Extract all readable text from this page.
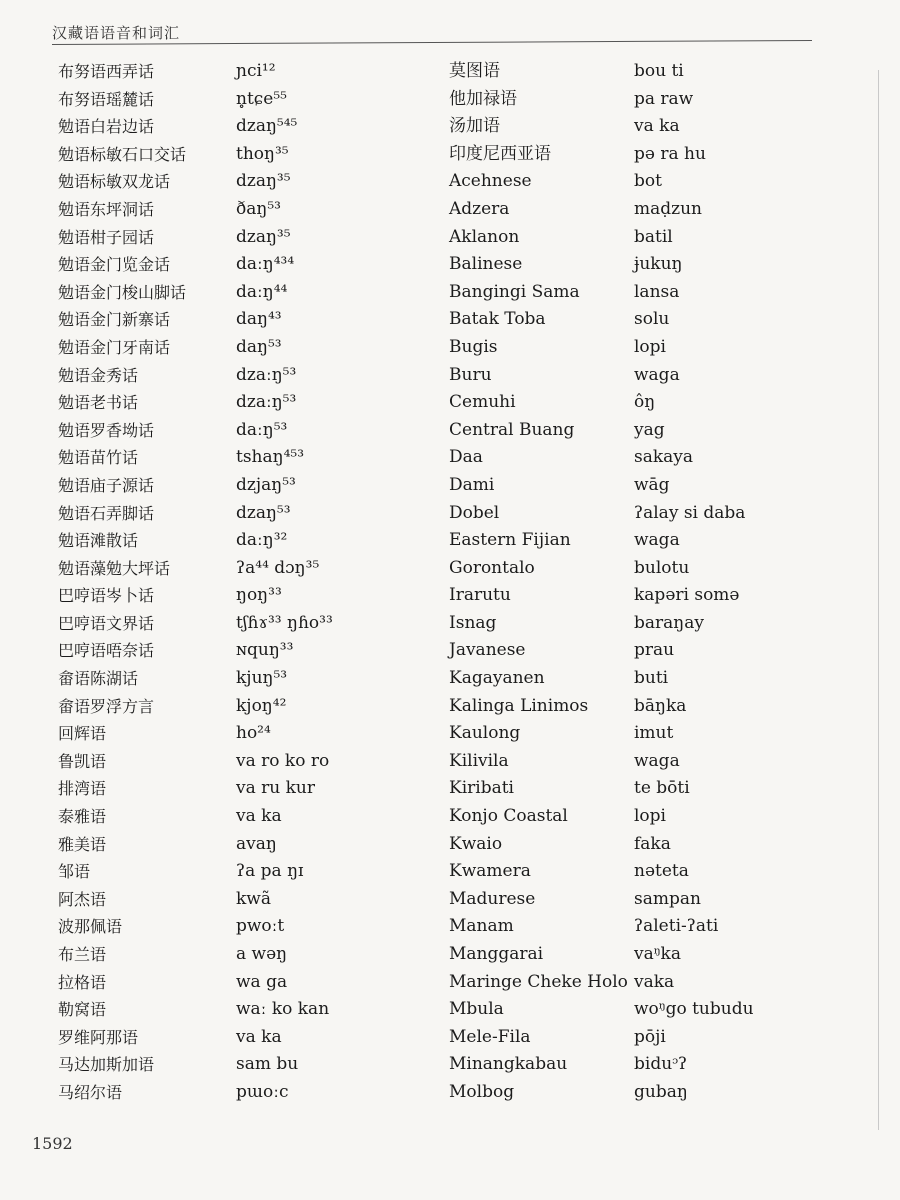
汉藏语语音和词汇
布努语西弄话
布努语瑶麓话
勉语白岩边话
勉语标敏石口交话
勉语标敏双龙话
勉语东坪洞话
勉语柑子园话
勉语金门览金话
勉语金门梭山脚话
勉语金门新寨话
勉语金门牙南话
勉语金秀话
勉语老书话
勉语罗香坳话
勉语苗竹话
勉语庙子源话
勉语石弄脚话
勉语滩散话
勉语藻勉大坪话
巴哼语岑卜话
巴哼语文界话
巴哼语唔奈话
畲语陈湖话
畲语罗浮方言
回辉语
鲁凯语
排湾语
泰雅语
雅美语
邹语
阿杰语
波那佩语
布兰语
拉格语
勒窝语
罗维阿那语
马达加斯加语
马绍尔语
ɲci¹²
n̥tɕe⁵⁵
dzaŋ⁵⁴⁵
thoŋ³⁵
dzaŋ³⁵
ðaŋ⁵³
dzaŋ³⁵
daːŋ⁴³⁴
daːŋ⁴⁴
daŋ⁴³
daŋ⁵³
dzaːŋ⁵³
dzaːŋ⁵³
daːŋ⁵³
tshaŋ⁴⁵³
dzjaŋ⁵³
dzaŋ⁵³
daːŋ³²
ʔa⁴⁴ dɔŋ³⁵
ŋoŋ³³
tʃɦɤ³³ ŋɦo³³
ɴquŋ³³
kjuŋ⁵³
kjoŋ⁴²
ho²⁴
va ro ko ro
va ru kur
va ka
avaŋ
ʔa pa ŋɪ
kwã
pwoːt
a wəŋ
wa ga
waː ko kan
va ka
sam bu
pɯoːc
莫图语
他加禄语
汤加语
印度尼西亚语
Acehnese
Adzera
Aklanon
Balinese
Bangingi Sama
Batak Toba
Bugis
Buru
Cemuhi
Central Buang
Daa
Dami
Dobel
Eastern Fijian
Gorontalo
Irarutu
Isnag
Javanese
Kagayanen
Kalinga Linimos
Kaulong
Kilivila
Kiribati
Konjo Coastal
Kwaio
Kwamera
Madurese
Manam
Manggarai
Maringe Cheke Holo
Mbula
Mele-Fila
Minangkabau
Molbog
bou ti
pa raw
va ka
pə ra hu
bot
maḍzun
batil
ɉukuŋ
lansa
solu
lopi
waga
ôŋ
yag
sakaya
wāg
ʔalay si daba
waga
bulotu
kapəri somə
baraŋay
prau
buti
bāŋka
imut
waga
te bōti
lopi
faka
nəteta
sampan
ʔaleti-ʔati
vaᵑka
vaka
woᵑgo tubudu
pōji
biduᵓʔ
gubaŋ
1592
